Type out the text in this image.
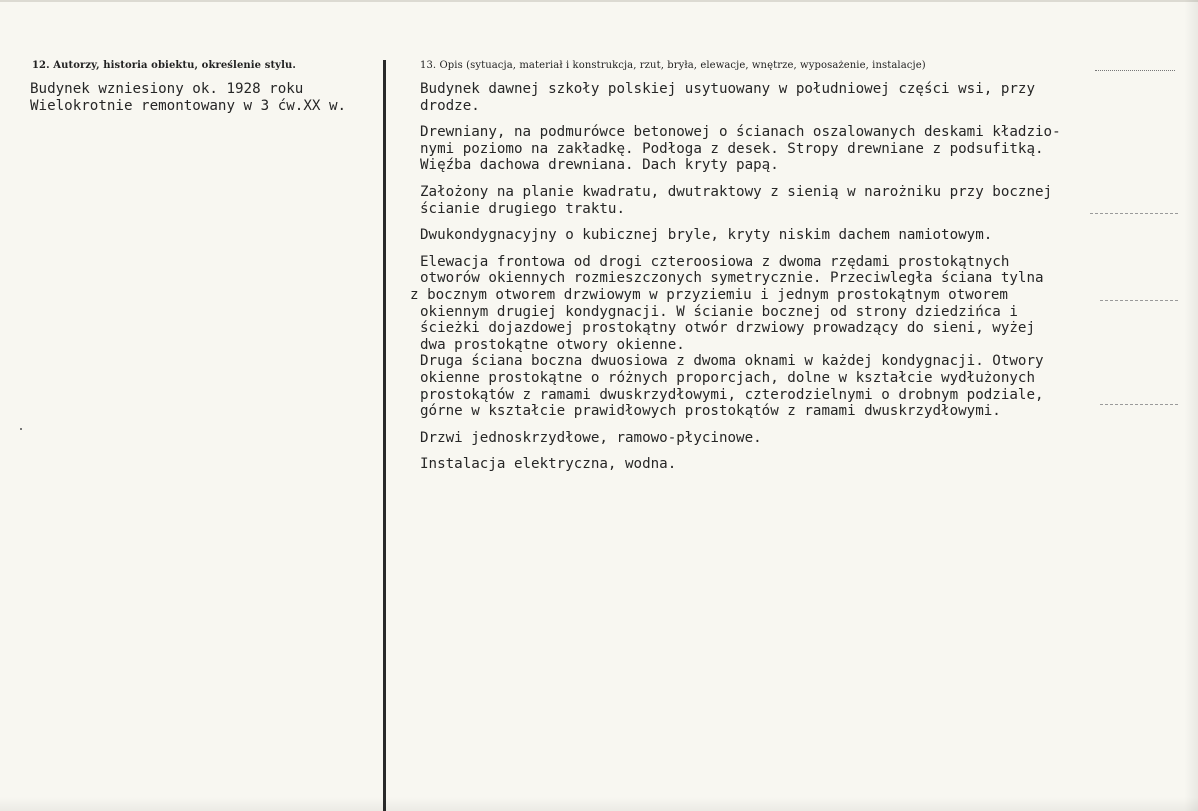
12. Autorzy, historia obiektu, określenie stylu.	13. Opis (sytuacja, materiał i konstrukcja, rzut, bryła, elewacje, wnętrze, wyposażenie, instalacje)
Budynek wzniesiony ok. 1928 roku
Wielokrotnie remontowany w 3 ćw.XX w.
Budynek dawnej szkoły polskiej usytuowany w południowej części wsi, przy
drodze.
Drewniany, na podmurówce betonowej o ścianach oszalowanych deskami kładzio-
nymi poziomo na zakładkę. Podłoga z desek. Stropy drewniane z podsufitką.
Więźba dachowa drewniana. Dach kryty papą.
Założony na planie kwadratu, dwutraktowy z sienią w narożniku przy bocznej
ścianie drugiego traktu.
Dwukondygnacyjny o kubicznej bryle, kryty niskim dachem namiotowym.
Elewacja frontowa od drogi czteroosiowa z dwoma rzędami prostokątnych
otworów okiennych rozmieszczonych symetrycznie. Przeciwległa ściana tylna
z bocznym otworem drzwiowym w przyziemiu i jednym prostokątnym otworem
okiennym drugiej kondygnacji. W ścianie bocznej od strony dziedzińca i
ścieżki dojazdowej prostokątny otwór drzwiowy prowadzący do sieni, wyżej
dwa prostokątne otwory okienne.
Druga ściana boczna dwuosiowa z dwoma oknami w każdej kondygnacji. Otwory
okienne prostokątne o różnych proporcjach, dolne w kształcie wydłużonych
prostokątów z ramami dwuskrzydłowymi, czterodzielnymi o drobnym podziale,
górne w kształcie prawidłowych prostokątów z ramami dwuskrzydłowymi.
Drzwi jednoskrzydłowe, ramowo-płycinowe.
Instalacja elektryczna, wodna.
